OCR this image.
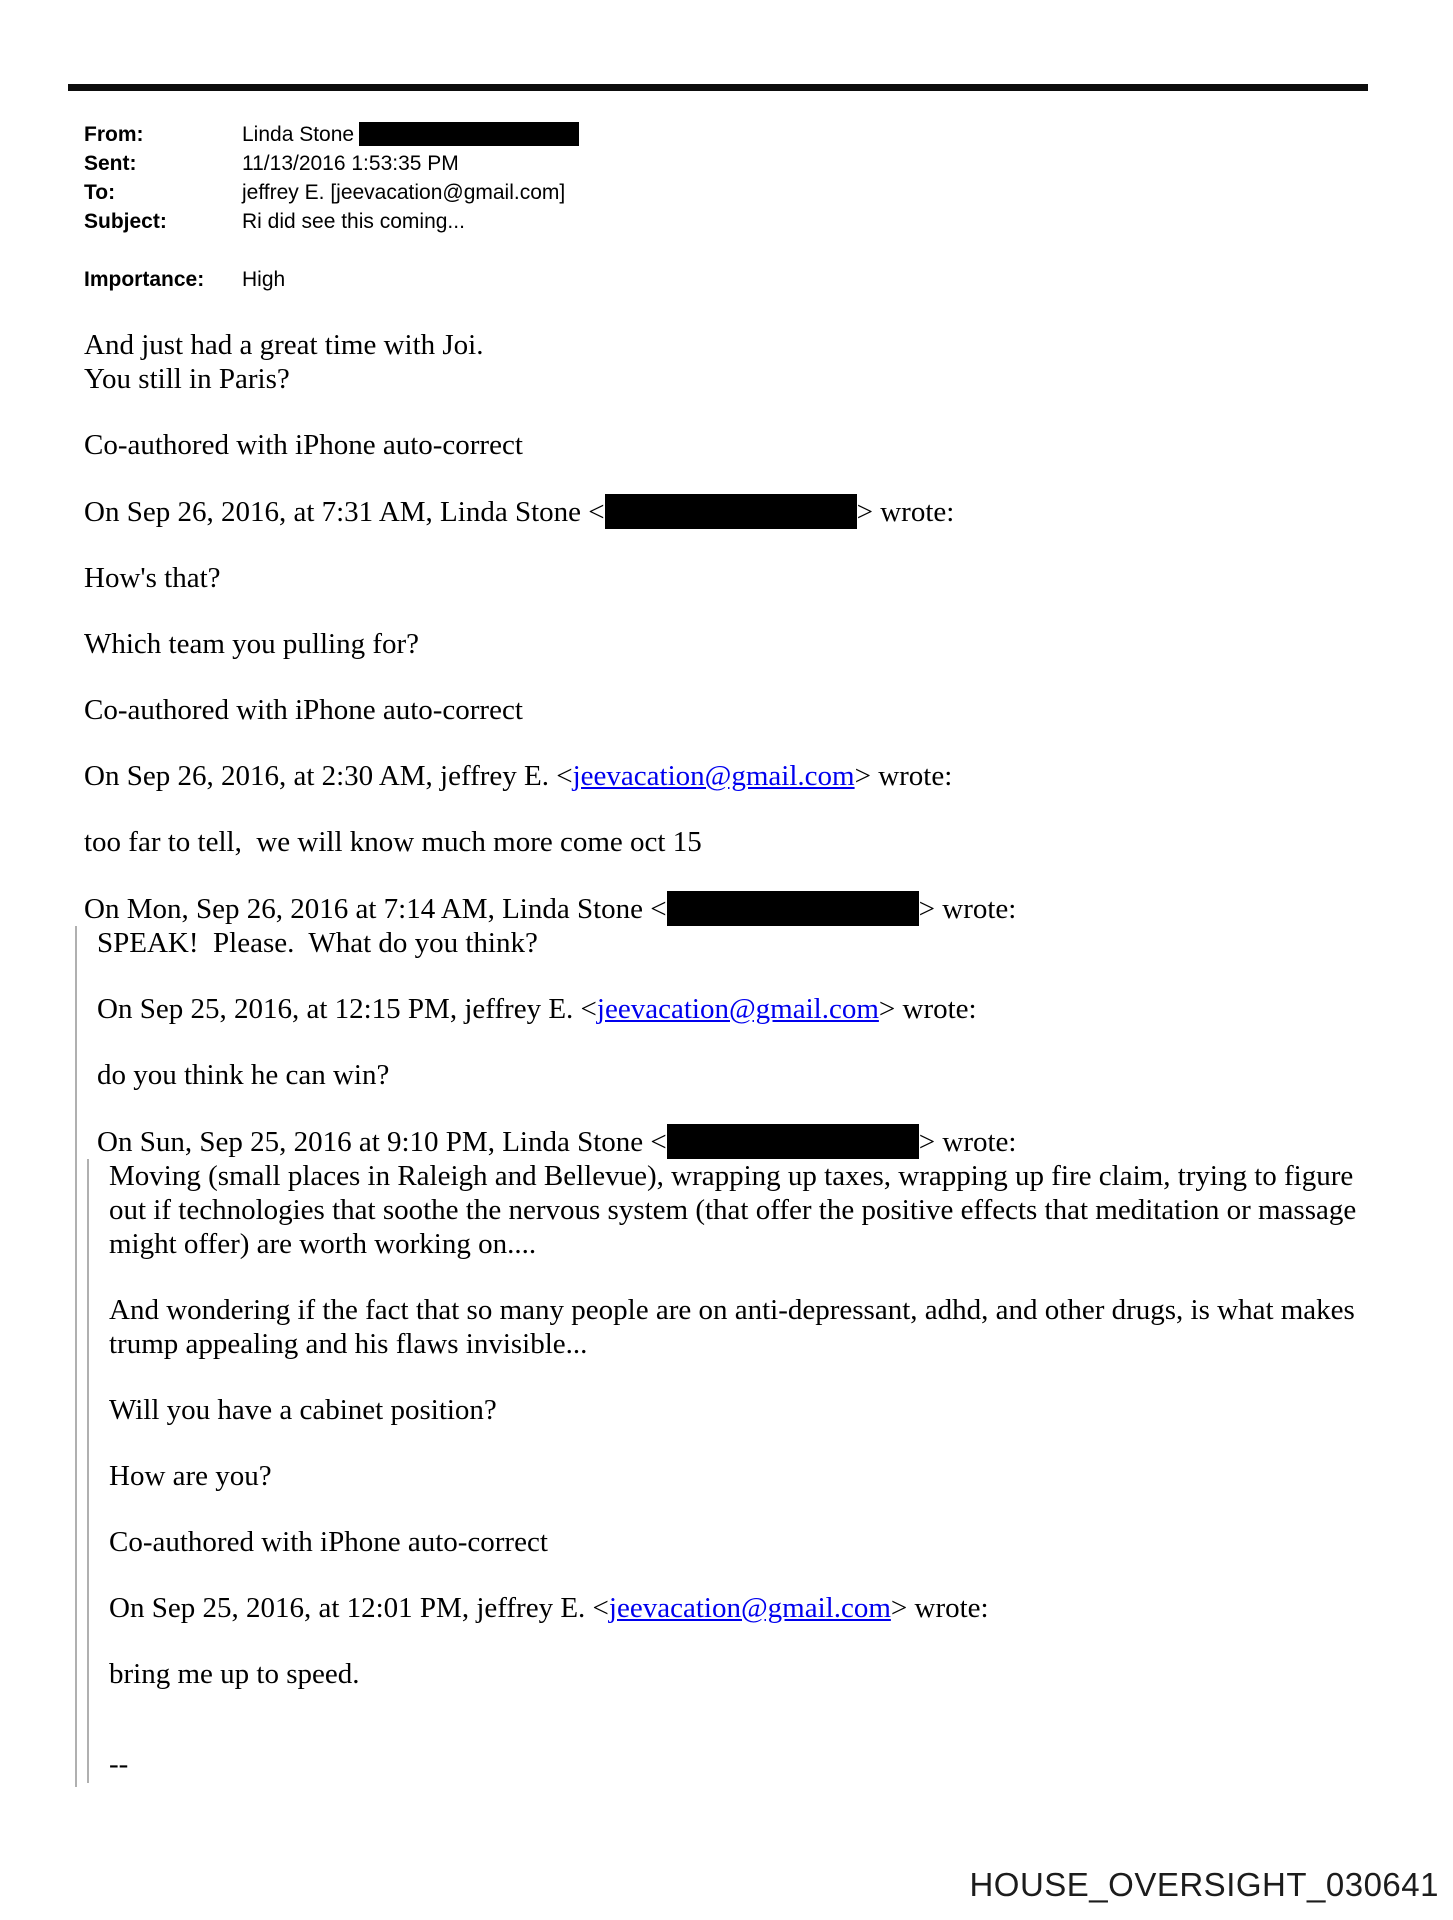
From:	Linda Stone
Sent:	11/13/2016 1:53:35 PM
To:	jeffrey E. [jeevacation@gmail.com]
Subject:	Ri did see this coming...
Importance:	High
And just had a great time with Joi.
You still in Paris?
Co-authored with iPhone auto-correct
On Sep 26, 2016, at 7:31 AM, Linda Stone <	> wrote:
How's that?
Which team you pulling for?
Co-authored with iPhone auto-correct
On Sep 26, 2016, at 2:30 AM, jeffrey E. <jeevacation@gmail.com> wrote:
too far to tell,  we will know much more come oct 15
On Mon, Sep 26, 2016 at 7:14 AM, Linda Stone <	> wrote:
SPEAK!  Please.  What do you think?
On Sep 25, 2016, at 12:15 PM, jeffrey E. <jeevacation@gmail.com> wrote:
do you think he can win?
On Sun, Sep 25, 2016 at 9:10 PM, Linda Stone <	> wrote:
Moving (small places in Raleigh and Bellevue), wrapping up taxes, wrapping up fire claim, trying to figure
out if technologies that soothe the nervous system (that offer the positive effects that meditation or massage
might offer) are worth working on....
And wondering if the fact that so many people are on anti-depressant, adhd, and other drugs, is what makes
trump appealing and his flaws invisible...
Will you have a cabinet position?
How are you?
Co-authored with iPhone auto-correct
On Sep 25, 2016, at 12:01 PM, jeffrey E. <jeevacation@gmail.com> wrote:
bring me up to speed.
--
HOUSE_OVERSIGHT_030641
